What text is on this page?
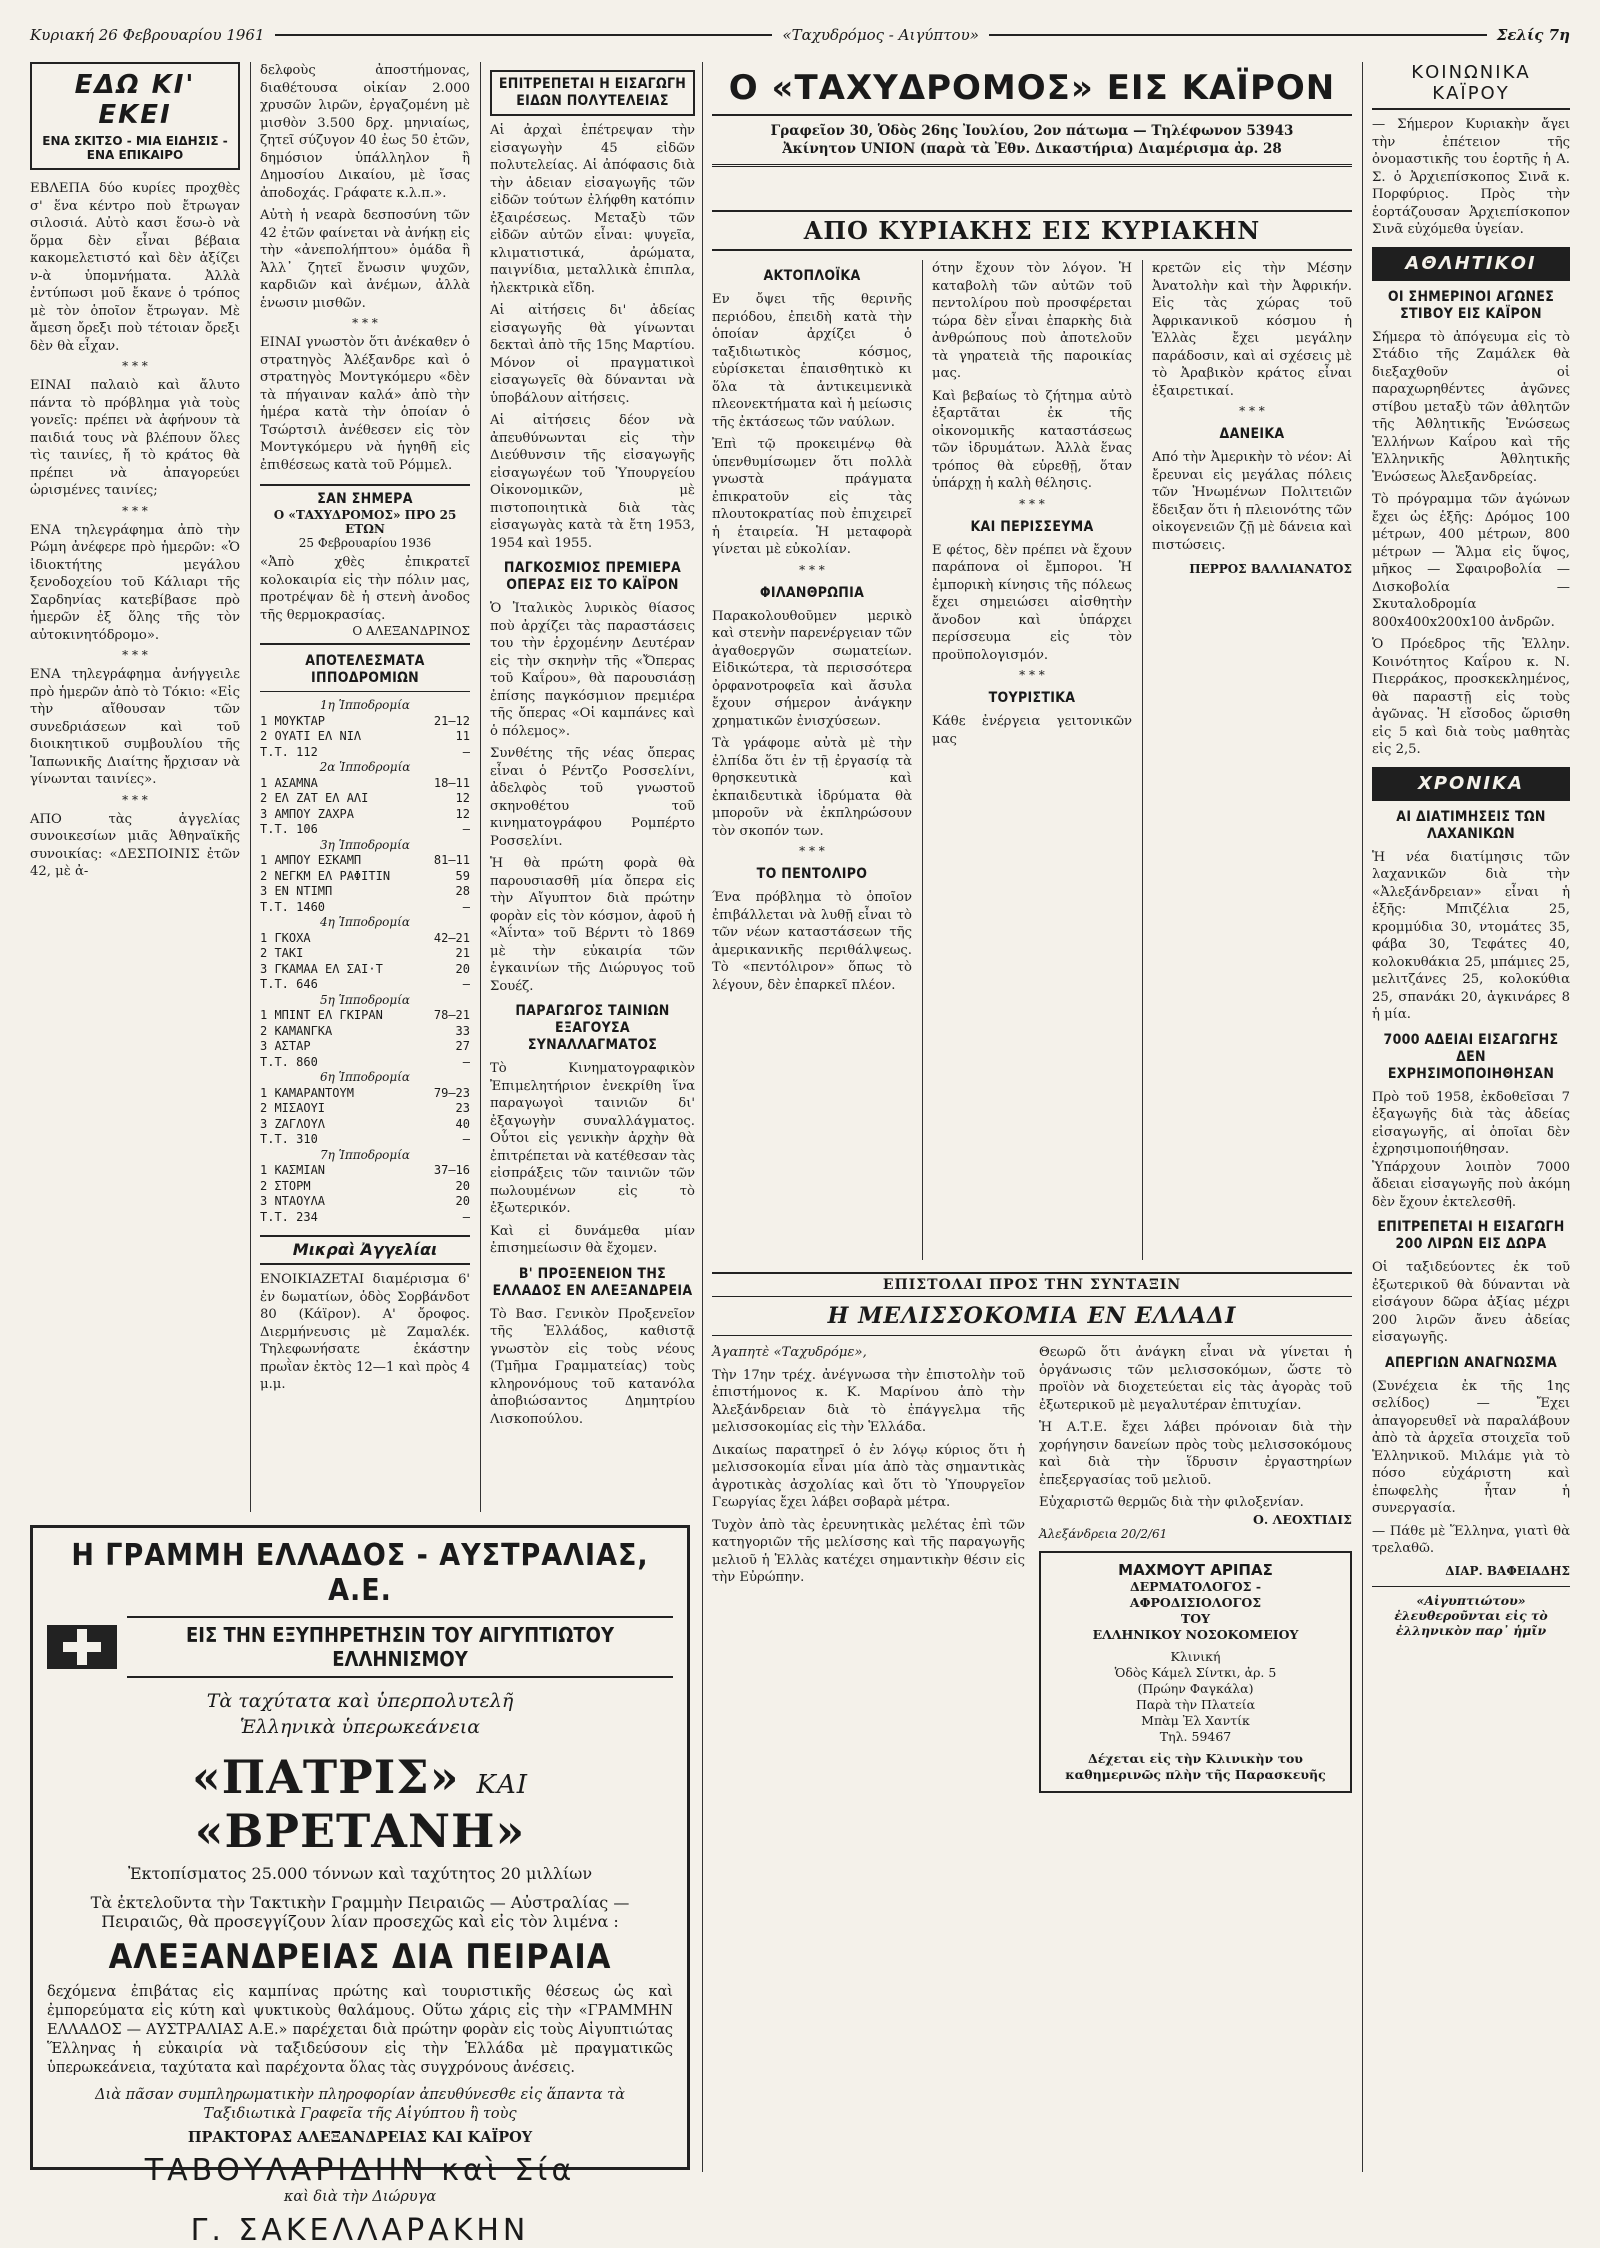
Κυριακή 26 Φεβρουαρίου 1961	«Ταχυδρόμος - Αιγύπτου»	Σελίς 7η
ΕΔΩ ΚΙ' ΕΚΕΙ
ΕΝΑ ΣΚΙΤΣΟ - ΜΙΑ ΕΙΔΗΣΙΣ - ΕΝΑ ΕΠΙΚΑΙΡΟ

ΕΒΛΕΠΑ δύο κυρίες προχθὲς σ' ἕνα κέντρο ποὺ ἔτρωγαν σιλοσιά. Αὐτὸ κασι ἕσω-ὸ νὰ ὅρμα δὲν εἶναι βέβαια κακομελετιστό καὶ δὲν ἀξίζει ν-ὰ ὑπομνήματα. Ἀλλὰ ἐντύπωσι μοῦ ἔκανε ὁ τρόπος μὲ τὸν ὁποῖον ἔτρωγαν. Μὲ ἄμεση ὄρεξι ποὺ τέτοιαν ὄρεξι δὲν θὰ εἶχαν.

* * *

ΕΙΝΑΙ παλαιὸ καὶ ἄλυτο πάντα τὸ πρόβλημα γιὰ τοὺς γονεῖς: πρέπει νὰ ἀφήνουν τὰ παιδιά τους νὰ βλέπουν ὅλες τὶς ταινίες, ἤ τὸ κράτος θὰ πρέπει νὰ ἀπαγορεύει ὡρισμένες ταινίες;

* * *

ΕΝΑ τηλεγράφημα ἀπὸ τὴν Ρώμη ἀνέφερε πρὸ ἡμερῶν: «Ὁ ἰδιοκτήτης μεγάλου ξενοδοχείου τοῦ Κάλιαρι τῆς Σαρδηνίας κατεβίβασε πρὸ ἡμερῶν ἐξ ὅλης τῆς τὸν αὐτοκινητόδρομο».

* * *

ΕΝΑ τηλεγράφημα ἀνήγγειλε πρὸ ἡμερῶν ἀπὸ τὸ Τόκιο: «Εἰς τὴν αἴθουσαν τῶν συνεδριάσεων καὶ τοῦ διοικητικοῦ συμβουλίου τῆς Ἰαπωνικῆς Διαίτης ἤρχισαν νὰ γίνωνται ταινίες».

* * *

ΑΠΟ τὰς ἀγγελίας συνοικεσίων μιᾶς Ἀθηναϊκῆς συνοικίας: «ΔΕΣΠΟΙΝΙΣ ἐτῶν 42, μὲ ἀ-

δελφοὺς ἀποστήμονας, διαθέτουσα οἰκίαν 2.000 χρυσῶν λιρῶν, ἐργαζομένη μὲ μισθὸν 3.500 δρχ. μηνιαίως, ζητεῖ σύζυγον 40 ἐως 50 ἐτῶν, δημόσιον ὑπάλληλον ἢ Δημοσίου Δικαίου, μὲ ἴσας ἀποδοχάς. Γράφατε κ.λ.π.».

Αὐτὴ ἡ νεαρὰ δεσποσύνη τῶν 42 ἐτῶν φαίνεται νὰ ἀνήκῃ εἰς τὴν «ἀνεπολήπτου» ὁμάδα ἢ Ἀλλ᾿ ζητεῖ ἔνωσιν ψυχῶν, καρδιῶν καὶ ἀνέμων, ἀλλὰ ἑνωσιν μισθῶν.

* * *

ΕΙΝΑΙ γνωστὸν ὅτι ἀνέκαθεν ὁ στρατηγὸς Ἀλέξανδρε καὶ ὁ στρατηγὸς Μοντγκόμερυ «δὲν τὰ πήγαιναν καλά» ἀπὸ τὴν ἡμέρα κατὰ τὴν ὁποίαν ὁ Τσώρτσιλ ἀνέθεσεν εἰς τὸν Μοντγκόμερυ νὰ ἡγηθῆ εἰς ἐπιθέσεως κατὰ τοῦ Ρόμμελ.

ΣΑΝ ΣΗΜΕΡΑ
Ο «ΤΑΧΥΔΡΟΜΟΣ» ΠΡΟ 25 ΕΤΩΝ
25 Φεβρουαρίου 1936

«Ἀπὸ χθὲς ἐπικρατεῖ κολοκαιρία εἰς τὴν πόλιν μας, προτρέψαν δὲ ἡ στενὴ ἀνοδος τῆς θερμοκρασίας.

Ο ΑΛΕΞΑΝΔΡΙΝΟΣ
ΑΠΟΤΕΛΕΣΜΑΤΑ ΙΠΠΟΔΡΟΜΙΩΝ
1η Ἱπποδρομία
1 ΜΟΥΚΤΑΡ	21—12
2 ΟΥΑΤΙ ΕΛ ΝΙΛ	11
Τ.Τ. 112	—
2α Ἱπποδρομία
1 ΑΣΑΜΝΑ	18—11
2 ΕΛ ΖΑΤ ΕΛ ΑΛΙ	12
3 ΑΜΠΟΥ ΖΑΧΡΑ	12
Τ.Τ. 106	—
3η Ἱπποδρομία
1 ΑΜΠΟΥ ΕΣΚΑΜΠ	81—11
2 ΝΕΓΚΜ ΕΛ ΡΑΦΙΤΙΝ	59
3 ΕΝ ΝΤΙΜΠ	28
Τ.Τ. 1460	—
4η Ἱπποδρομία
1 ΓΚΟΧΑ	42—21
2 ΤΑΚΙ	21
3 ΓΚΑΜΑΑ ΕΛ ΣΑΙ·Τ	20
Τ.Τ. 646	—
5η Ἱπποδρομία
1 ΜΠΙΝΤ ΕΛ ΓΚΙΡΑΝ	78—21
2 ΚΑΜΑΝΓΚΑ	33
3 ΑΣΤΑΡ	27
Τ.Τ. 860	—
6η Ἱπποδρομία
1 ΚΑΜΑΡΑΝΤΟΥΜ	79—23
2 ΜΙΣΑΟΥΙ	23
3 ΖΑΓΛΟΥΛ	40
Τ.Τ. 310	—
7η Ἱπποδρομία
1 ΚΑΣΜΙΑΝ	37—16
2 ΣΤΟΡΜ	20
3 ΝΤΑΟΥΛΑ	20
Τ.Τ. 234	—
Μικραὶ Ἀγγελίαι

ΕΝΟΙΚΙΑΖΕΤΑΙ διαμέρισμα 6' ἐν δωματίων, ὁδὸς Σορβάνδοτ 80 (Κάϊρον). Α' ὄροφος. Διερμήνευσις μὲ Ζαμαλέκ. Τηλεφωνήσατε ἑκάστην πρωῒαν ἐκτὸς 12—1 καὶ πρὸς 4 μ.μ.

ΕΠΙΤΡΕΠΕΤΑΙ Η ΕΙΣΑΓΩΓΗ ΕΙΔΩΝ ΠΟΛΥΤΕΛΕΙΑΣ

Αἱ ἀρχαὶ ἐπέτρεψαν τὴν εἰσαγωγὴν 45 εἰδῶν πολυτελείας. Αἱ ἀπόφασις διὰ τὴν ἀδειαν εἰσαγωγῆς τῶν εἰδῶν τούτων ἐλήφθη κατόπιν ἐξαιρέσεως. Μεταξὺ τῶν εἰδῶν αὐτῶν εἶναι: ψυγεῖα, κλιματιστικά, ἀρώματα, παιγνίδια, μεταλλικὰ ἐπιπλα, ἠλεκτρικὰ εἴδη.

Αἱ αἰτήσεις δι' ἀδείας εἰσαγωγῆς θὰ γίνωνται δεκταὶ ἀπὸ τῆς 15ης Μαρτίου. Μόνον οἱ πραγματικοὶ εἰσαγωγεῖς θὰ δύνανται νὰ ὑποβάλουν αἰτήσεις.

Αἱ αἰτήσεις δέον νὰ ἀπευθύνωνται εἰς τὴν Διεύθυνσιν τῆς εἰσαγωγῆς εἰσαγωγέων τοῦ Ὑπουργείου Οἰκονομικῶν, μὲ πιστοποιητικὰ διὰ τὰς εἰσαγωγὰς κατὰ τὰ ἔτη 1953, 1954 καὶ 1955.

ΠΑΓΚΟΣΜΙΟΣ ΠΡΕΜΙΕΡΑ ΟΠΕΡΑΣ ΕΙΣ ΤΟ ΚΑΪΡΟΝ

Ὁ Ἰταλικὸς λυρικὸς θίασος ποὺ ἀρχίζει τὰς παραστάσεις του τὴν ἐρχομένην Δευτέραν εἰς τὴν σκηνὴν τῆς «Ὄπερας τοῦ Καΐρου», θὰ παρουσιάσῃ ἐπίσης παγκόσμιον πρεμιέρα τῆς ὄπερας «Οἱ καμπάνες καὶ ὁ πόλεμος».

Συνθέτης τῆς νέας ὄπερας εἶναι ὁ Ρέντζο Ροσσελίνι, ἀδελφὸς τοῦ γνωστοῦ σκηνοθέτου τοῦ κινηματογράφου Ρομπέρτο Ροσσελίνι.

Ἡ θὰ πρώτη φορὰ θὰ παρουσιασθῆ μία ὄπερα εἰς τὴν Αἴγυπτον διὰ πρώτην φορὰν εἰς τὸν κόσμον, ἀφοῦ ἡ «Ἀΐντα» τοῦ Βέρντι τὸ 1869 μὲ τὴν εὐκαιρία τῶν ἐγκαινίων τῆς Διώρυγος τοῦ Σουέζ.

ΠΑΡΑΓΩΓΟΣ ΤΑΙΝΙΩΝ ΕΞΑΓΟΥΣΑ ΣΥΝΑΛΛΑΓΜΑΤΟΣ

Τὸ Κινηματογραφικὸν Ἐπιμελητήριον ἐνεκρίθη ἵνα παραγωγοὶ ταινιῶν δι' ἐξαγωγὴν συναλλάγματος. Οὗτοι εἰς γενικὴν ἀρχὴν θὰ ἐπιτρέπεται νὰ κατέθεσαν τὰς εἰσπράξεις τῶν ταινιῶν τῶν πωλουμένων εἰς τὸ ἐξωτερικόν.

Καὶ εἰ δυνάμεθα μίαν ἐπισημείωσιν θὰ ἔχομεν.

Β' ΠΡΟΞΕΝΕΙΟΝ ΤΗΣ ΕΛΛΑΔΟΣ ΕΝ ΑΛΕΞΑΝΔΡΕΙΑ

Τὸ Βασ. Γενικὸν Προξενεῖον τῆς Ἑλλάδος, καθιστᾷ γνωστὸν εἰς τοὺς νέους (Τμῆμα Γραμματείας) τοὺς κληρονόμους τοῦ κατανόλα ἀποβιώσαντος Δημητρίου Λισκοπούλου.

Ο «ΤΑΧΥΔΡΟΜΟΣ» ΕΙΣ ΚΑΪΡΟΝ
Γραφεῖον 30, Ὁδὸς 26ης Ἰουλίου, 2ον πάτωμα — Τηλέφωνον 53943
Ἀκίνητον UNION (παρὰ τὰ Ἐθν. Δικαστήρια) Διαμέρισμα ἀρ. 28
ΑΠΟ ΚΥΡΙΑΚΗΣ ΕΙΣ ΚΥΡΙΑΚΗΝ
ΑΚΤΟΠΛΟΪΚΑ

Εν ὄψει τῆς θερινῆς περιόδου, ἐπειδὴ κατὰ τὴν ὁποίαν ἀρχίζει ὁ ταξιδιωτικὸς κόσμος, εὐρίσκεται ἐπαισθητικὸ κι ὅλα τὰ ἀντικειμενικὰ πλεονεκτήματα καὶ ἡ μείωσις τῆς ἐκτάσεως τῶν ναύλων.

Ἐπὶ τῷ προκειμένῳ θὰ ὑπενθυμίσωμεν ὅτι πολλὰ γνωστὰ πράγματα ἐπικρατοῦν εἰς τὰς πλουτοκρατίας ποὺ ἐπιχειρεῖ ἡ ἑταιρεία. Ἡ μεταφορὰ γίνεται μὲ εὐκολίαν.

* * *
ΦΙΛΑΝΘΡΩΠΙΑ

Παρακολουθοῦμεν μερικὸ καὶ στενὴν παρενέργειαν τῶν ἀγαθοεργῶν σωματείων. Εἰδικώτερα, τὰ περισσότερα ὀρφανοτροφεῖα καὶ ἄσυλα ἔχουν σήμερον ἀνάγκην χρηματικῶν ἐνισχύσεων.

Τὰ γράφομε αὐτὰ μὲ τὴν ἐλπίδα ὅτι ἐν τῇ ἐργασίᾳ τὰ θρησκευτικὰ καὶ ἐκπαιδευτικὰ ἱδρύματα θὰ μποροῦν νὰ ἐκπληρώσουν τὸν σκοπόν των.

* * *
ΤΟ ΠΕΝΤΟΛΙΡΟ

Ένα πρόβλημα τὸ ὁποῖον ἐπιβάλλεται νὰ λυθῇ εἶναι τὸ τῶν νέων καταστάσεων τῆς ἀμερικανικῆς περιθάλψεως. Τὸ «πεντόλιρον» ὅπως τὸ λέγουν, δὲν ἐπαρκεῖ πλέον.

ότην ἔχουν τὸν λόγον. Ἡ καταβολὴ τῶν αὐτῶν τοῦ πεντολίρου ποὺ προσφέρεται τώρα δὲν εἶναι ἐπαρκὴς διὰ ἀνθρώπους ποὺ ἀποτελοῦν τὰ γηρατειὰ τῆς παροικίας μας.

Καὶ βεβαίως τὸ ζήτημα αὐτὸ ἐξαρτᾶται ἐκ τῆς οἰκονομικῆς καταστάσεως τῶν ἱδρυμάτων. Ἀλλὰ ἕνας τρόπος θὰ εὑρεθῇ, ὅταν ὑπάρχῃ ἡ καλὴ θέλησις.

* * *
ΚΑΙ ΠΕΡΙΣΣΕΥΜΑ

Ε φέτος, δὲν πρέπει νὰ ἔχουν παράπονα οἱ ἔμποροι. Ἡ ἐμπορικὴ κίνησις τῆς πόλεως ἔχει σημειώσει αἰσθητὴν ἄνοδον καὶ ὑπάρχει περίσσευμα εἰς τὸν προϋπολογισμόν.

* * *
ΤΟΥΡΙΣΤΙΚΑ

Κάθε ἐνέργεια γειτονικῶν μας

κρετῶν εἰς τὴν Μέσην Ἀνατολὴν καὶ τὴν Ἀφρικήν. Εἰς τὰς χώρας τοῦ Ἀφρικανικοῦ κόσμου ἡ Ἑλλὰς ἔχει μεγάλην παράδοσιν, καὶ αἱ σχέσεις μὲ τὸ Ἀραβικὸν κράτος εἶναι ἐξαιρετικαί.

* * *
ΔΑΝΕΙΚΑ

Από τὴν Ἀμερικὴν τὸ νέον: Αἱ ἔρευναι εἰς μεγάλας πόλεις τῶν Ἡνωμένων Πολιτειῶν ἔδειξαν ὅτι ἡ πλειονότης τῶν οἰκογενειῶν ζῇ μὲ δάνεια καὶ πιστώσεις.

ΠΕΡΡΟΣ ΒΑΛΛΙΑΝΑΤΟΣ
ΕΠΙΣΤΟΛΑΙ ΠΡΟΣ ΤΗΝ ΣΥΝΤΑΞΙΝ
Η ΜΕΛΙΣΣΟΚΟΜΙΑ ΕΝ ΕΛΛΑΔΙ

Ἀγαπητὲ «Ταχυδρόμε»,

Τὴν 17ην τρέχ. ἀνέγνωσα τὴν ἐπιστολὴν τοῦ ἐπιστήμονος κ. Κ. Μαρίνου ἀπὸ τὴν Ἀλεξάνδρειαν διὰ τὸ ἐπάγγελμα τῆς μελισσοκομίας εἰς τὴν Ἑλλάδα.

Δικαίως παρατηρεῖ ὁ ἐν λόγῳ κύριος ὅτι ἡ μελισσοκομία εἶναι μία ἀπὸ τὰς σημαντικὰς ἀγροτικὰς ἀσχολίας καὶ ὅτι τὸ Ὑπουργεῖον Γεωργίας ἔχει λάβει σοβαρὰ μέτρα.

Τυχὸν ἀπὸ τὰς ἐρευνητικὰς μελέτας ἐπὶ τῶν κατηγοριῶν τῆς μελίσσης καὶ τῆς παραγωγῆς μελιοῦ ἡ Ἑλλὰς κατέχει σημαντικὴν θέσιν εἰς τὴν Εὐρώπην.

Θεωρῶ ὅτι ἀνάγκη εἶναι νὰ γίνεται ἡ ὀργάνωσις τῶν μελισσοκόμων, ὥστε τὸ προϊὸν νὰ διοχετεύεται εἰς τὰς ἀγορὰς τοῦ ἐξωτερικοῦ μὲ μεγαλυτέραν ἐπιτυχίαν.

Ἡ Α.Τ.Ε. ἔχει λάβει πρόνοιαν διὰ τὴν χορήγησιν δανείων πρὸς τοὺς μελισσοκόμους καὶ διὰ τὴν ἵδρυσιν ἐργαστηρίων ἐπεξεργασίας τοῦ μελιοῦ.

Εὐχαριστῶ θερμῶς διὰ τὴν φιλοξενίαν.

Ο. ΛΕΟΧΤΙΔΙΣ
Ἀλεξάνδρεια 20/2/61
ΜΑΧΜΟΥΤ ΑΡΙΠΑΣ
ΔΕΡΜΑΤΟΛΟΓΟΣ -
ΑΦΡΟΔΙΣΙΟΛΟΓΟΣ
ΤΟΥ
ΕΛΛΗΝΙΚΟΥ ΝΟΣΟΚΟΜΕΙΟΥ
Κλινική
Ὁδὸς Κάμελ Σίντκι, ἀρ. 5
(Πρώην Φαγκάλα)
Παρὰ τὴν Πλατεία
Μπὰμ Ἐλ Χαντίκ
Τηλ. 59467
Δέχεται εἰς τὴν Κλινικὴν του καθημερινῶς πλὴν τῆς Παρασκευῆς
ΚΟΙΝΩΝΙΚΑ ΚΑΪΡΟΥ

— Σήμερον Κυριακὴν ἄγει τὴν ἐπέτειον τῆς ὀνομαστικῆς του ἑορτῆς ἡ Α. Σ. ὁ Ἀρχιεπίσκοπος Σινᾶ κ. Πορφύριος. Πρὸς τὴν ἑορτάζουσαν Ἀρχιεπίσκοπον Σινᾶ εὐχόμεθα ὑγείαν.

ΑΘΛΗΤΙΚΟΙ
ΟΙ ΣΗΜΕΡΙΝΟΙ ΑΓΩΝΕΣ ΣΤΙΒΟΥ ΕΙΣ ΚΑΪΡΟΝ

Σήμερα τὸ ἀπόγευμα εἰς τὸ Στάδιο τῆς Ζαμάλεκ θὰ διεξαχθοῦν οἱ παραχωρηθέντες ἀγῶνες στίβου μεταξὺ τῶν ἀθλητῶν τῆς Ἀθλητικῆς Ἑνώσεως Ἑλλήνων Καΐρου καὶ τῆς Ἑλληνικῆς Ἀθλητικῆς Ἑνώσεως Ἀλεξανδρείας.

Τὸ πρόγραμμα τῶν ἀγώνων ἔχει ὡς ἑξῆς: Δρόμος 100 μέτρων, 400 μέτρων, 800 μέτρων — Ἅλμα εἰς ὕψος, μῆκος — Σφαιροβολία — Δισκοβολία — Σκυταλοδρομία 800x400x200x100 ἀνδρῶν.

Ὁ Πρόεδρος τῆς Ἑλλην. Κοινότητος Καΐρου κ. Ν. Πιερράκος, προσκεκλημένος, θὰ παραστῇ εἰς τοὺς ἀγῶνας. Ἡ εἴσοδος ὥρισθη εἰς 5 καὶ διὰ τοὺς μαθητὰς εἰς 2,5.

ΧΡΟΝΙΚΑ
ΑΙ ΔΙΑΤΙΜΗΣΕΙΣ ΤΩΝ ΛΑΧΑΝΙΚΩΝ

Ἡ νέα διατίμησις τῶν λαχανικῶν διὰ τὴν «Ἀλεξάνδρειαν» εἶναι ἡ ἑξῆς: Μπιζέλια 25, κρομμύδια 30, ντομάτες 35, φάβα 30, Τεφάτες 40, κολοκυθάκια 25, μπάμιες 25, μελιτζάνες 25, κολοκύθια 25, σπανάκι 20, ἀγκινάρες 8 ἡ μία.

7000 ΑΔΕΙΑΙ ΕΙΣΑΓΩΓΗΣ ΔΕΝ ΕΧΡΗΣΙΜΟΠΟΙΗΘΗΣΑΝ

Πρὸ τοῦ 1958, ἐκδοθεῖσαι 7 ἐξαγωγῆς διὰ τὰς ἀδείας εἰσαγωγῆς, αἱ ὁποῖαι δὲν ἐχρησιμοποιήθησαν. Ὑπάρχουν λοιπὸν 7000 ἄδειαι εἰσαγωγῆς ποὺ ἀκόμη δὲν ἔχουν ἐκτελεσθῆ.

ΕΠΙΤΡΕΠΕΤΑΙ Η ΕΙΣΑΓΩΓΗ 200 ΛΙΡΩΝ ΕΙΣ ΔΩΡΑ

Οἱ ταξιδεύοντες ἐκ τοῦ ἐξωτερικοῦ θὰ δύνανται νὰ εἰσάγουν δῶρα ἀξίας μέχρι 200 λιρῶν ἄνευ ἀδείας εἰσαγωγῆς.

ΑΠΕΡΓΙΩΝ ΑΝΑΓΝΩΣΜΑ

(Συνέχεια ἐκ τῆς 1ης σελίδος) — Ἔχει ἀπαγορευθεῖ νὰ παραλάβουν ἀπὸ τὰ ἀρχεῖα στοιχεῖα τοῦ Ἑλληνικοῦ. Μιλάμε γιὰ τὸ πόσο εὐχάριστη καὶ ἐπωφελὴς ἦταν ἡ συνεργασία.

— Πάθε μὲ Ἕλληνα, γιατὶ θὰ τρελαθῶ.

ΔΙΑΡ. ΒΑΦΕΙΑΔΗΣ
«Αἰγυπτιώτου» ἐλευθεροῦνται εἰς τὸ ἐλληνικὸν παρ᾿ ἡμῖν
Η ΓΡΑΜΜΗ ΕΛΛΑΔΟΣ - ΑΥΣΤΡΑΛΙΑΣ, Α.Ε.
ΕΙΣ ΤΗΝ ΕΞΥΠΗΡΕΤΗΣΙΝ ΤΟΥ ΑΙΓΥΠΤΙΩΤΟΥ ΕΛΛΗΝΙΣΜΟΥ
Τὰ ταχύτατα καὶ ὑπερπολυτελῆ
Ἑλληνικὰ ὑπερωκεάνεια
«ΠΑΤΡΙΣ» ΚΑΙ «ΒΡΕΤΑΝΗ»
Ἐκτοπίσματος 25.000 τόννων καὶ ταχύτητος 20 μιλλίων
Τὰ ἐκτελοῦντα τὴν Τακτικὴν Γραμμὴν Πειραιῶς — Αὐστραλίας —
Πειραιῶς, θὰ προσεγγίζουν λίαν προσεχῶς καὶ εἰς τὸν λιμένα :
ΑΛΕΞΑΝΔΡΕΙΑΣ ΔΙΑ ΠΕΙΡΑΙΑ
δεχόμενα ἐπιβάτας εἰς καμπίνας πρώτης καὶ τουριστικῆς θέσεως ὡς καὶ ἐμπορεύματα εἰς κύτη καὶ ψυκτικοὺς θαλάμους. Οὕτω χάρις εἰς τὴν «ΓΡΑΜΜΗΝ ΕΛΛΑΔΟΣ — ΑΥΣΤΡΑΛΙΑΣ Α.Ε.» παρέχεται διὰ πρώτην φορὰν εἰς τοὺς Αἰγυπτιώτας Ἕλληνας ἡ εὐκαιρία νὰ ταξιδεύσουν εἰς τὴν Ἑλλάδα μὲ πραγματικῶς ὑπερωκεάνεια, ταχύτατα καὶ παρέχοντα ὅλας τὰς συγχρόνους ἀνέσεις.
Διὰ πᾶσαν συμπληρωματικὴν πληροφορίαν ἀπευθύνεσθε εἰς ἅπαντα τὰ Ταξιδιωτικὰ Γραφεῖα τῆς Αἰγύπτου ἢ τοὺς
ΠΡΑΚΤΟΡΑΣ ΑΛΕΞΑΝΔΡΕΙΑΣ ΚΑΙ ΚΑΪΡΟΥ
ΤΑΒΟΥΛΑΡΙΔΗΝ καὶ Σία
καὶ διὰ τὴν Διώρυγα
Γ. ΣΑΚΕΛΛΑΡΑΚΗΝ
